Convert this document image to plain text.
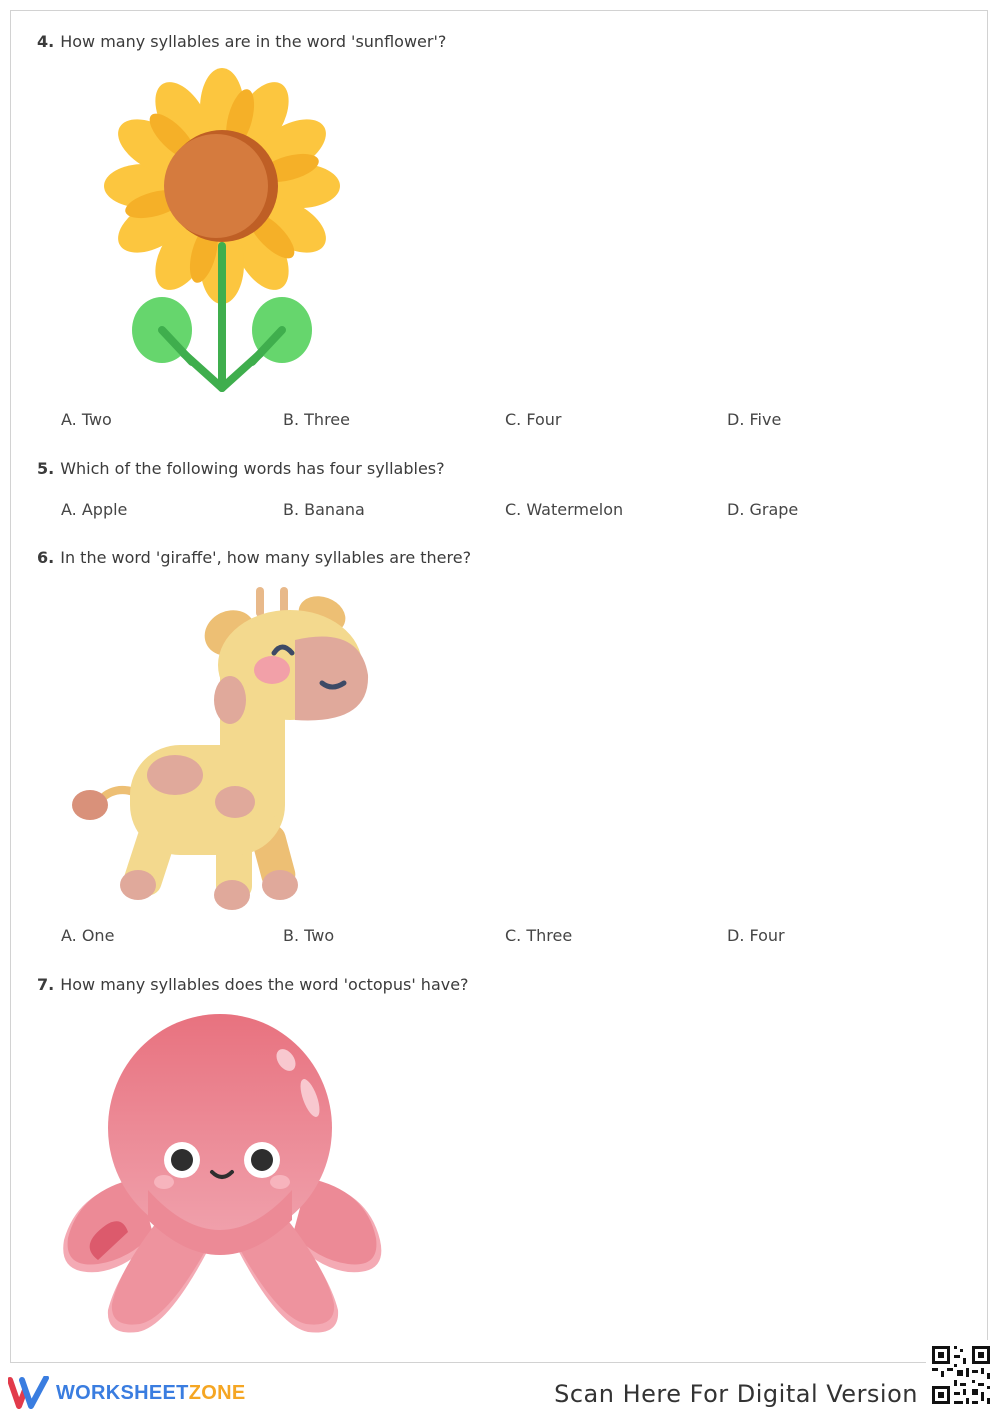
4. How many syllables are in the word 'sunflower'?
A. Two	B. Three	C. Four	D. Five
5. Which of the following words has four syllables?
A. Apple	B. Banana	C. Watermelon	D. Grape
6. In the word 'giraffe', how many syllables are there?
A. One	B. Two	C. Three	D. Four
7. How many syllables does the word 'octopus' have?
WORKSHEETZONE	Scan Here For Digital Version
